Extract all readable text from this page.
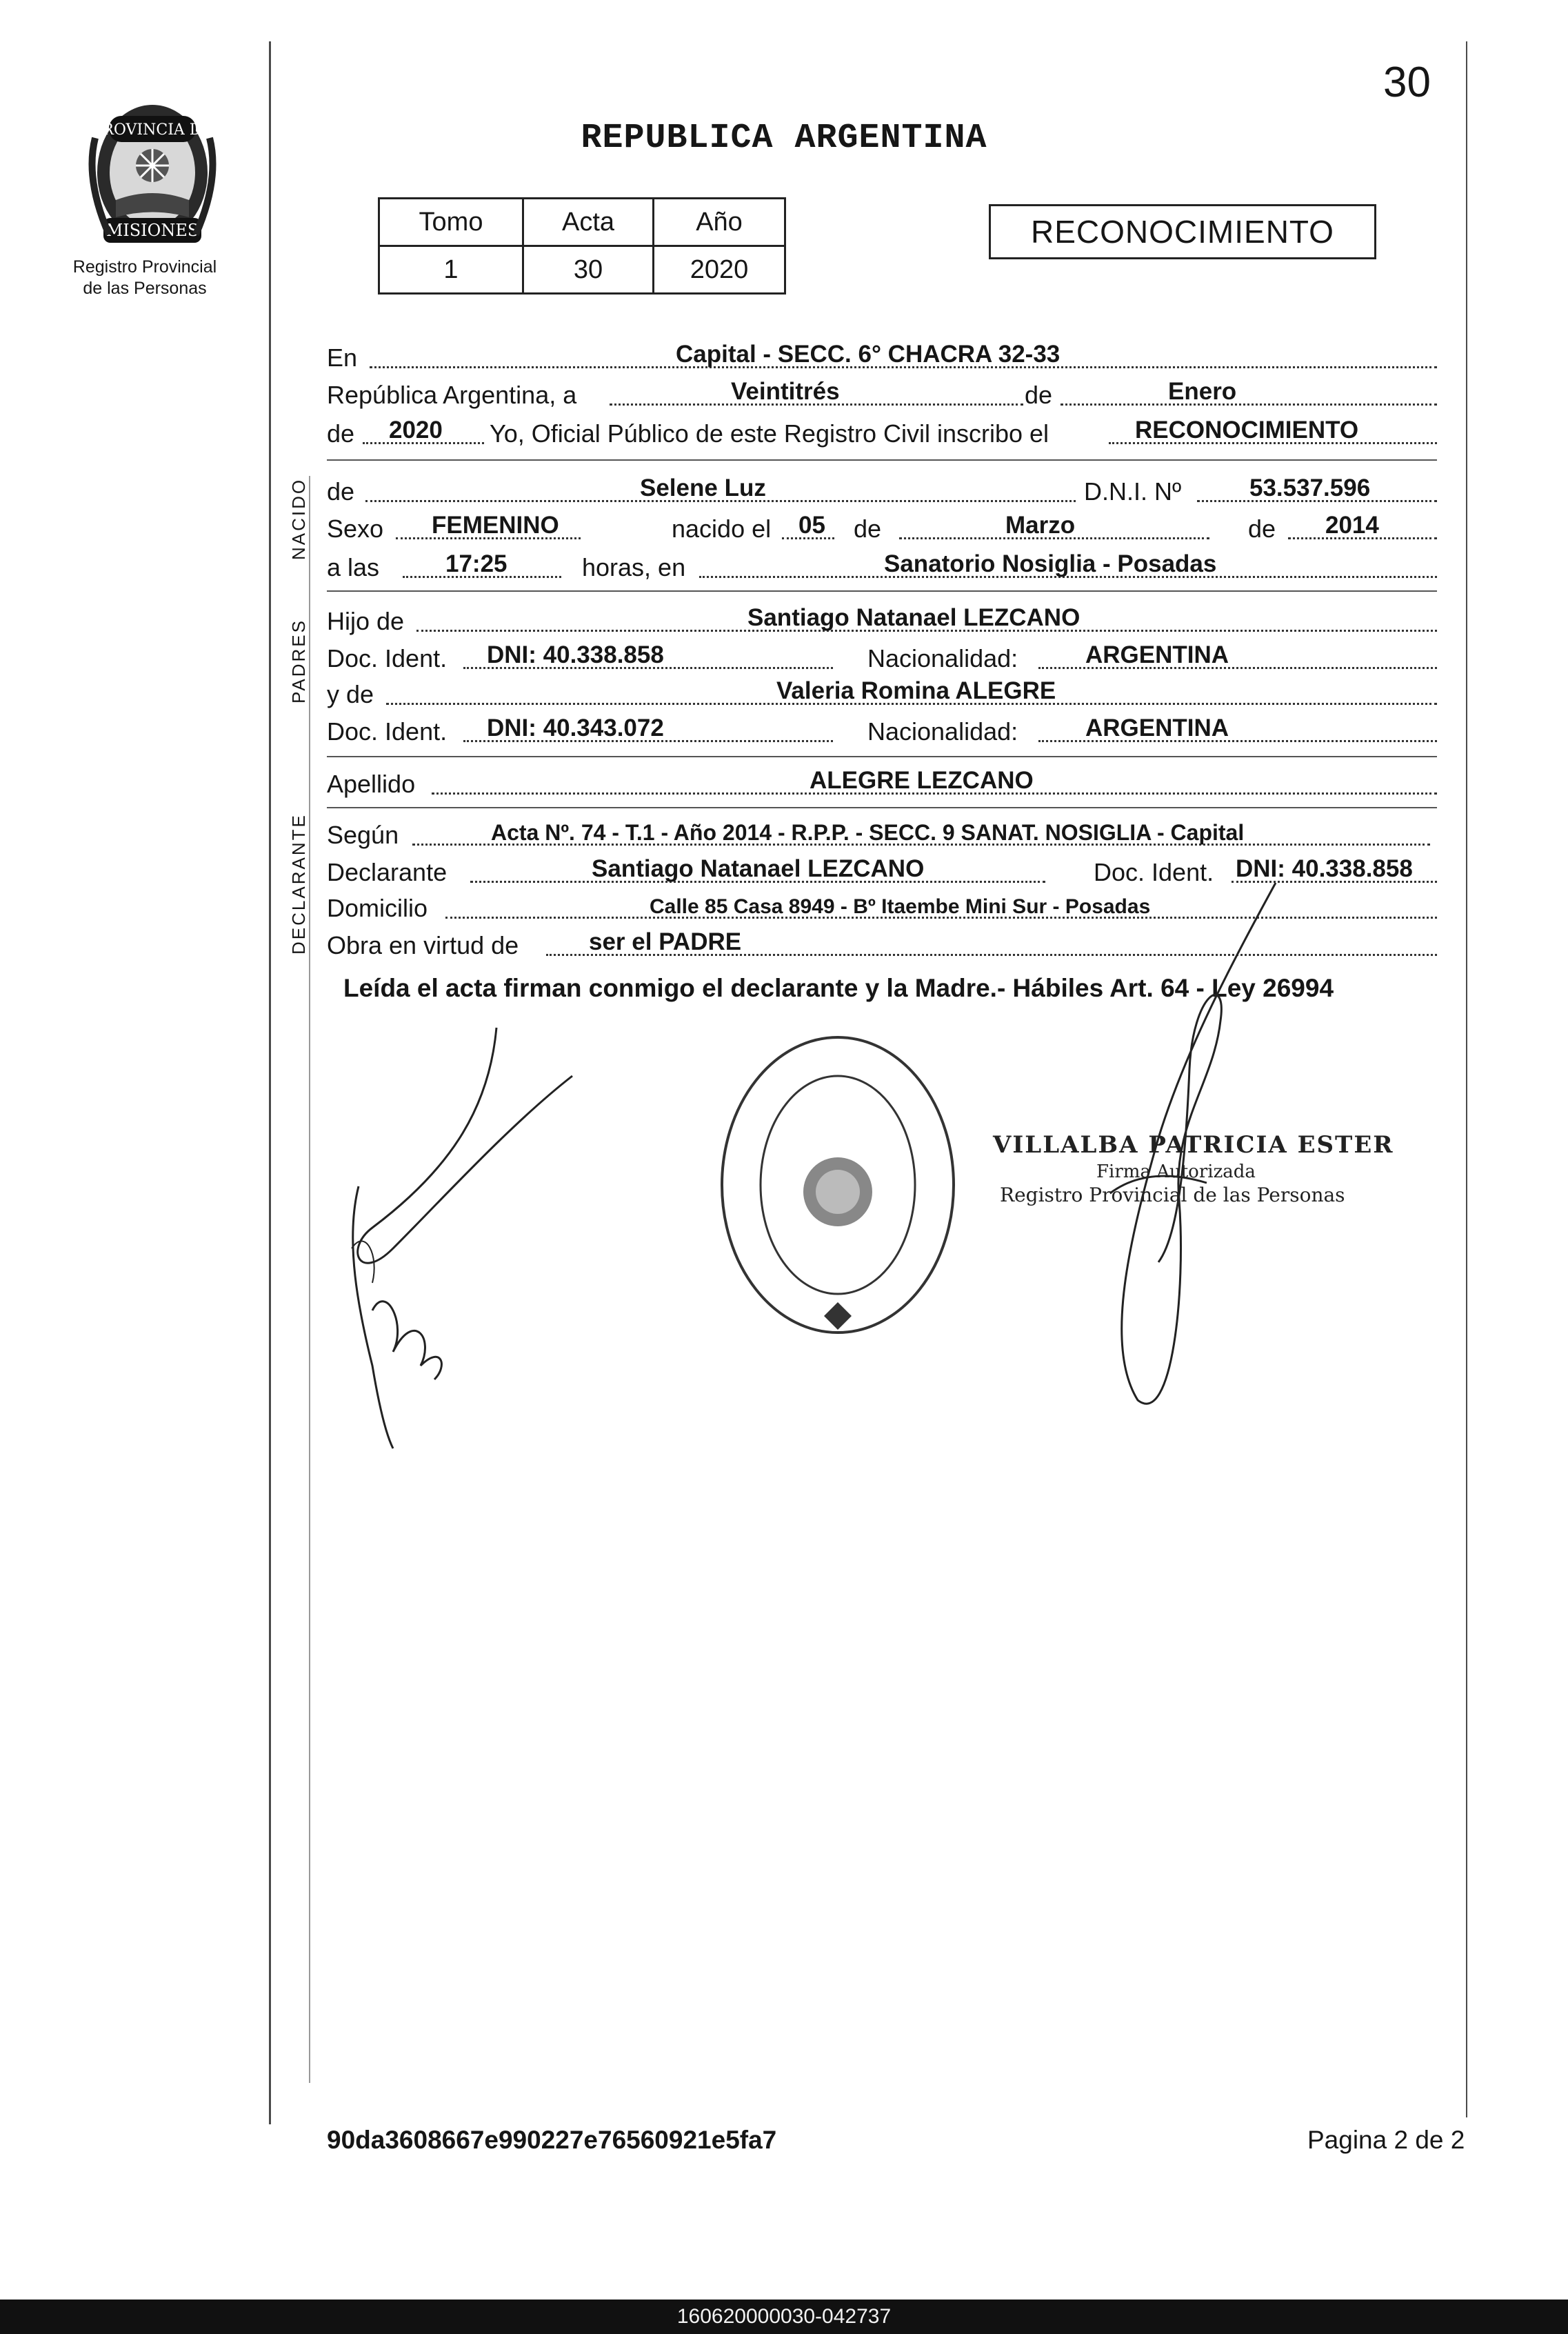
30
REPUBLICA ARGENTINA
PROVINCIA DE
MISIONES
Registro Provincial
de las Personas
Tomo	Acta	Año
1	30	2020
RECONOCIMIENTO
NACIDO
PADRES
DECLARANTE
En	Capital - SECC. 6° CHACRA 32-33
República Argentina, a	Veintitrés	de	Enero
de 2020 Yo, Oficial Público de este Registro Civil inscribo el	RECONOCIMIENTO
de	Selene Luz	D.N.I. Nº	53.537.596
Sexo FEMENINO	nacido el 05 de	Marzo	de 2014
a las	17:25	horas, en	Sanatorio Nosiglia - Posadas
Hijo de	Santiago Natanael LEZCANO
Doc. Ident. DNI: 40.338.858	Nacionalidad:	ARGENTINA
y de	Valeria Romina ALEGRE
Doc. Ident. DNI: 40.343.072	Nacionalidad:	ARGENTINA
Apellido	ALEGRE LEZCANO
Según	Acta Nº. 74 - T.1 - Año 2014 - R.P.P. - SECC. 9 SANAT. NOSIGLIA - Capital
Declarante	Santiago Natanael LEZCANO	Doc. Ident. DNI: 40.338.858
Domicilio	Calle 85 Casa 8949 - Bº Itaembe Mini Sur - Posadas
Obra en virtud de	ser el PADRE
Leída el acta firman conmigo el declarante y la Madre.- Hábiles Art. 64 - Ley 26994
VILLALBA PATRICIA ESTER
Firma Autorizada
Registro Provincial de las Personas
90da3608667e990227e76560921e5fa7	Pagina 2 de 2
160620000030-042737
